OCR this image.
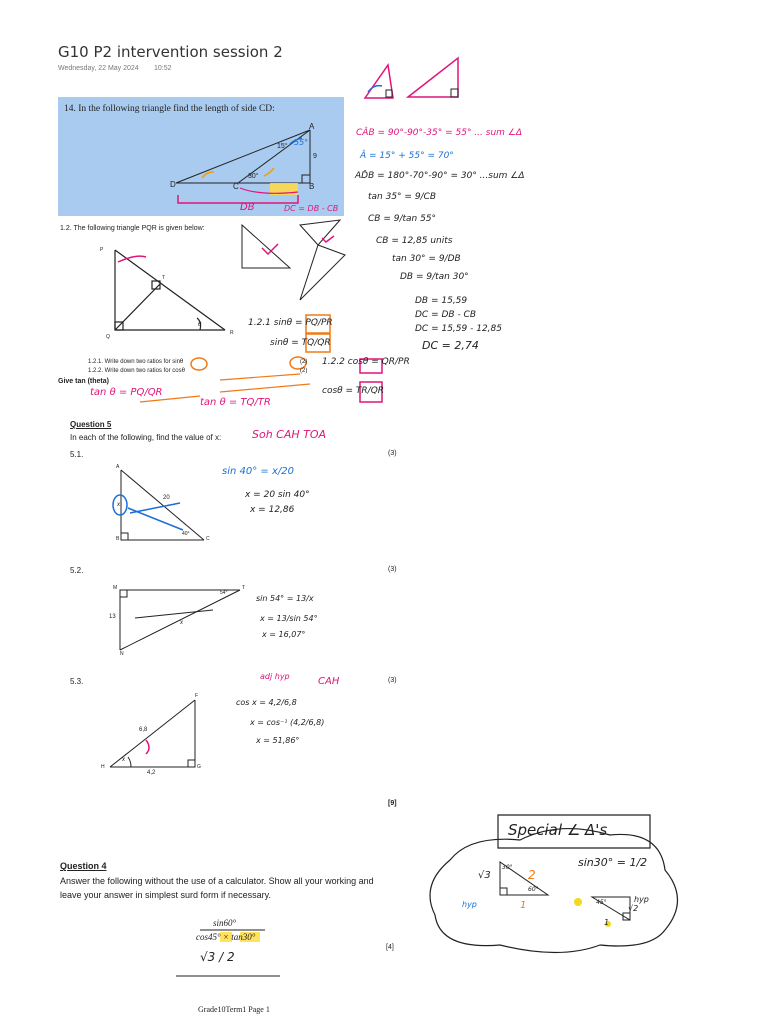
G10 P2 intervention session 2
Wednesday, 22 May 2024 10:52
14. In the following triangle find the length of side CD:
A
B
C
D
15°
30°
9
55°
1.2. The following triangle PQR is given below:
P
Q
R
T
θ
1.2.1. Write down two ratios for sinθ
1.2.2. Write down two ratios for cosθ
(2)
(2)
Give tan (theta)
Question 5
In each of the following, find the value of x:
5.1.	(3)
5.2.	(3)
5.3.	(3)
[9]
A
B	C
20
40°
x
M	T
N
13
54°
x
F
H	G
6,8
4,2
x
Question 4
Answer the following without the use of a calculator. Show all your working and
leave your answer in simplest surd form if necessary.
sin60°
cos45° × tan30°
[4]
Grade10Term1 Page 1
CÂB = 90°-90°-35° = 55° ... sum ∠Δ
Â = 15° + 55° = 70°
AD̂B = 180°-70°-90° = 30° ...sum ∠Δ
tan 35° = 9/CB
CB = 9/tan 55°
CB = 12,85 units
tan 30° = 9/DB
DB = 9/tan 30°
DB = 15,59
DC = DB - CB
DC = 15,59 - 12,85
DC = 2,74
DB	DC = DB - CB
1.2.1 sinθ = PQ/PR
sinθ = TQ/QR
1.2.2 cosθ = QR/PR
cosθ = TR/QR
tan θ = PQ/QR
tan θ = TQ/TR
Soh CAH TOA
sin 40° = x/20
x = 20 sin 40°
x = 12,86
sin 54° = 13/x
x = 13/sin 54°
x = 16,07°
adj hyp	CAH
cos x = 4,2/6,8
x = cos⁻¹ (4,2/6,8)
x = 51,86°
√3 / 2
Special ∠ Δ's
sin30° = 1/2
2
1
√3
60°
30°
hyp	45°
1
√2
hyp
